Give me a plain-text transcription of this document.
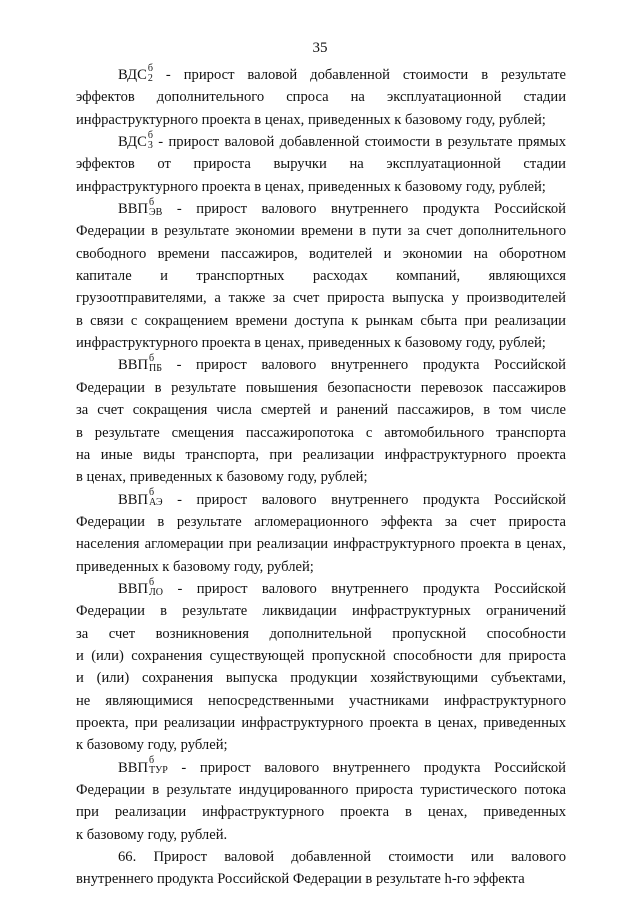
35
ВДС б
2 - прирост валовой добавленной стоимости в результате
эффектов дополнительного спроса на эксплуатационной стадии
инфраструктурного проекта в ценах, приведенных к базовому году, рублей;
ВДС б
3 - прирост валовой добавленной стоимости в результате прямых
эффектов от прироста выручки на эксплуатационной стадии
инфраструктурного проекта в ценах, приведенных к базовому году, рублей;
ВВП б
ЭВ - прирост валового внутреннего продукта Российской
Федерации в результате экономии времени в пути за счет дополнительного
свободного времени пассажиров, водителей и экономии на оборотном
капитале и транспортных расходах компаний, являющихся
грузоотправителями, а также за счет прироста выпуска у производителей
в связи с сокращением времени доступа к рынкам сбыта при реализации
инфраструктурного проекта в ценах, приведенных к базовому году, рублей;
ВВП б
ПБ - прирост валового внутреннего продукта Российской
Федерации в результате повышения безопасности перевозок пассажиров
за счет сокращения числа смертей и ранений пассажиров, в том числе
в результате смещения пассажиропотока с автомобильного транспорта
на иные виды транспорта, при реализации инфраструктурного проекта
в ценах, приведенных к базовому году, рублей;
ВВП б
АЭ - прирост валового внутреннего продукта Российской
Федерации в результате агломерационного эффекта за счет прироста
населения агломерации при реализации инфраструктурного проекта в ценах,
приведенных к базовому году, рублей;
ВВП б
ЛО - прирост валового внутреннего продукта Российской
Федерации в результате ликвидации инфраструктурных ограничений
за счет возникновения дополнительной пропускной способности
и (или) сохранения существующей пропускной способности для прироста
и (или) сохранения выпуска продукции хозяйствующими субъектами,
не являющимися непосредственными участниками инфраструктурного
проекта, при реализации инфраструктурного проекта в ценах, приведенных
к базовому году, рублей;
ВВП б
ТУР - прирост валового внутреннего продукта Российской
Федерации в результате индуцированного прироста туристического потока
при реализации инфраструктурного проекта в ценах, приведенных
к базовому году, рублей.
66. Прирост валовой добавленной стоимости или валового
внутреннего продукта Российской Федерации в результате h-го эффекта
